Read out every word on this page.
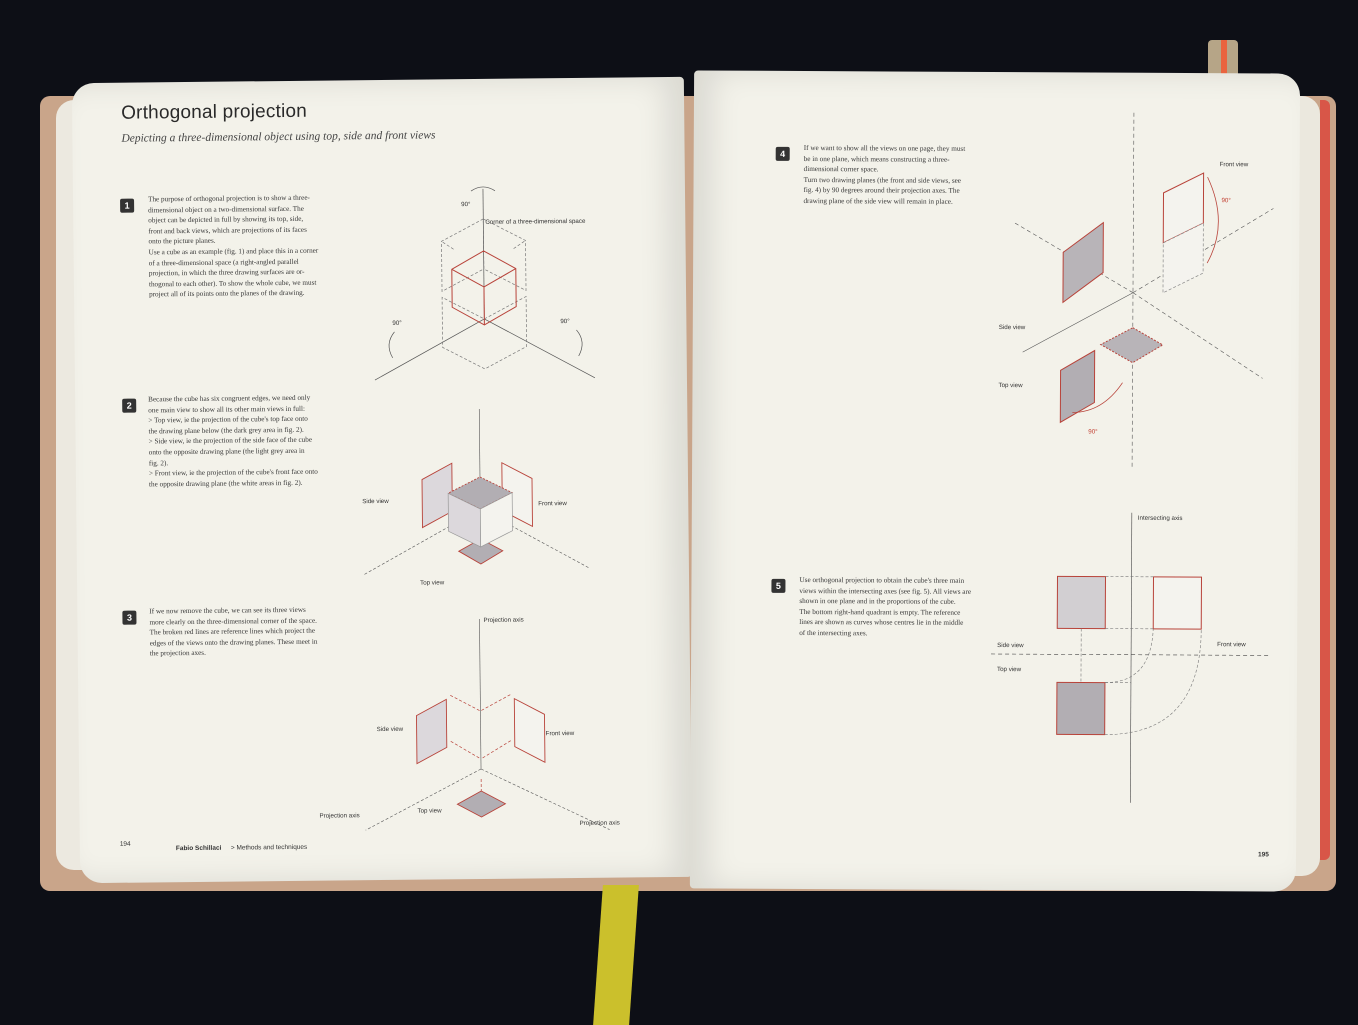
Orthogonal projection
Depicting a three-dimensional object using top, side and front views
1
The purpose of orthogonal projection is to show a three-
dimensional object on a two-dimensional surface. The
object can be depicted in full by showing its top, side,
front and back views, which are projections of its faces
onto the picture planes.
Use a cube as an example (fig. 1) and place this in a corner
of a three-dimensional space (a right-angled parallel
projection, in which the three drawing surfaces are or-
thogonal to each other). To show the whole cube, we must
project all of its points onto the planes of the drawing.
2
Because the cube has six congruent edges, we need only
one main view to show all its other main views in full:
> Top view, ie the projection of the cube's top face onto
the drawing plane below (the dark grey area in fig. 2).
> Side view, ie the projection of the side face of the cube
onto the opposite drawing plane (the light grey area in
fig. 2).
> Front view, ie the projection of the cube's front face onto
the opposite drawing plane (the white areas in fig. 2).
3
If we now remove the cube, we can see its three views
more clearly on the three-dimensional corner of the space.
The broken red lines are reference lines which project the
edges of the views onto the drawing planes. These meet in
the projection axes.
Corner of a three-dimensional space
90°
90°	90°
Side view	Front view
Top view
Projection axis
Side view
Front view
Top view
Projection axis
Projection axis
194
Fabio Schillaci > Methods and techniques
4
If we want to show all the views on one page, they must
be in one plane, which means constructing a three-
dimensional corner space.
Turn two drawing planes (the front and side views, see
fig. 4) by 90 degrees around their projection axes. The
drawing plane of the side view will remain in place.
Front view
90°
Side view
Top view
90°
5
Use orthogonal projection to obtain the cube's three main
views within the intersecting axes (see fig. 5). All views are
shown in one plane and in the proportions of the cube.
The bottom right-hand quadrant is empty. The reference
lines are shown as curves whose centres lie in the middle
of the intersecting axes.
Intersecting axis
Side view	Front view
Top view
195
